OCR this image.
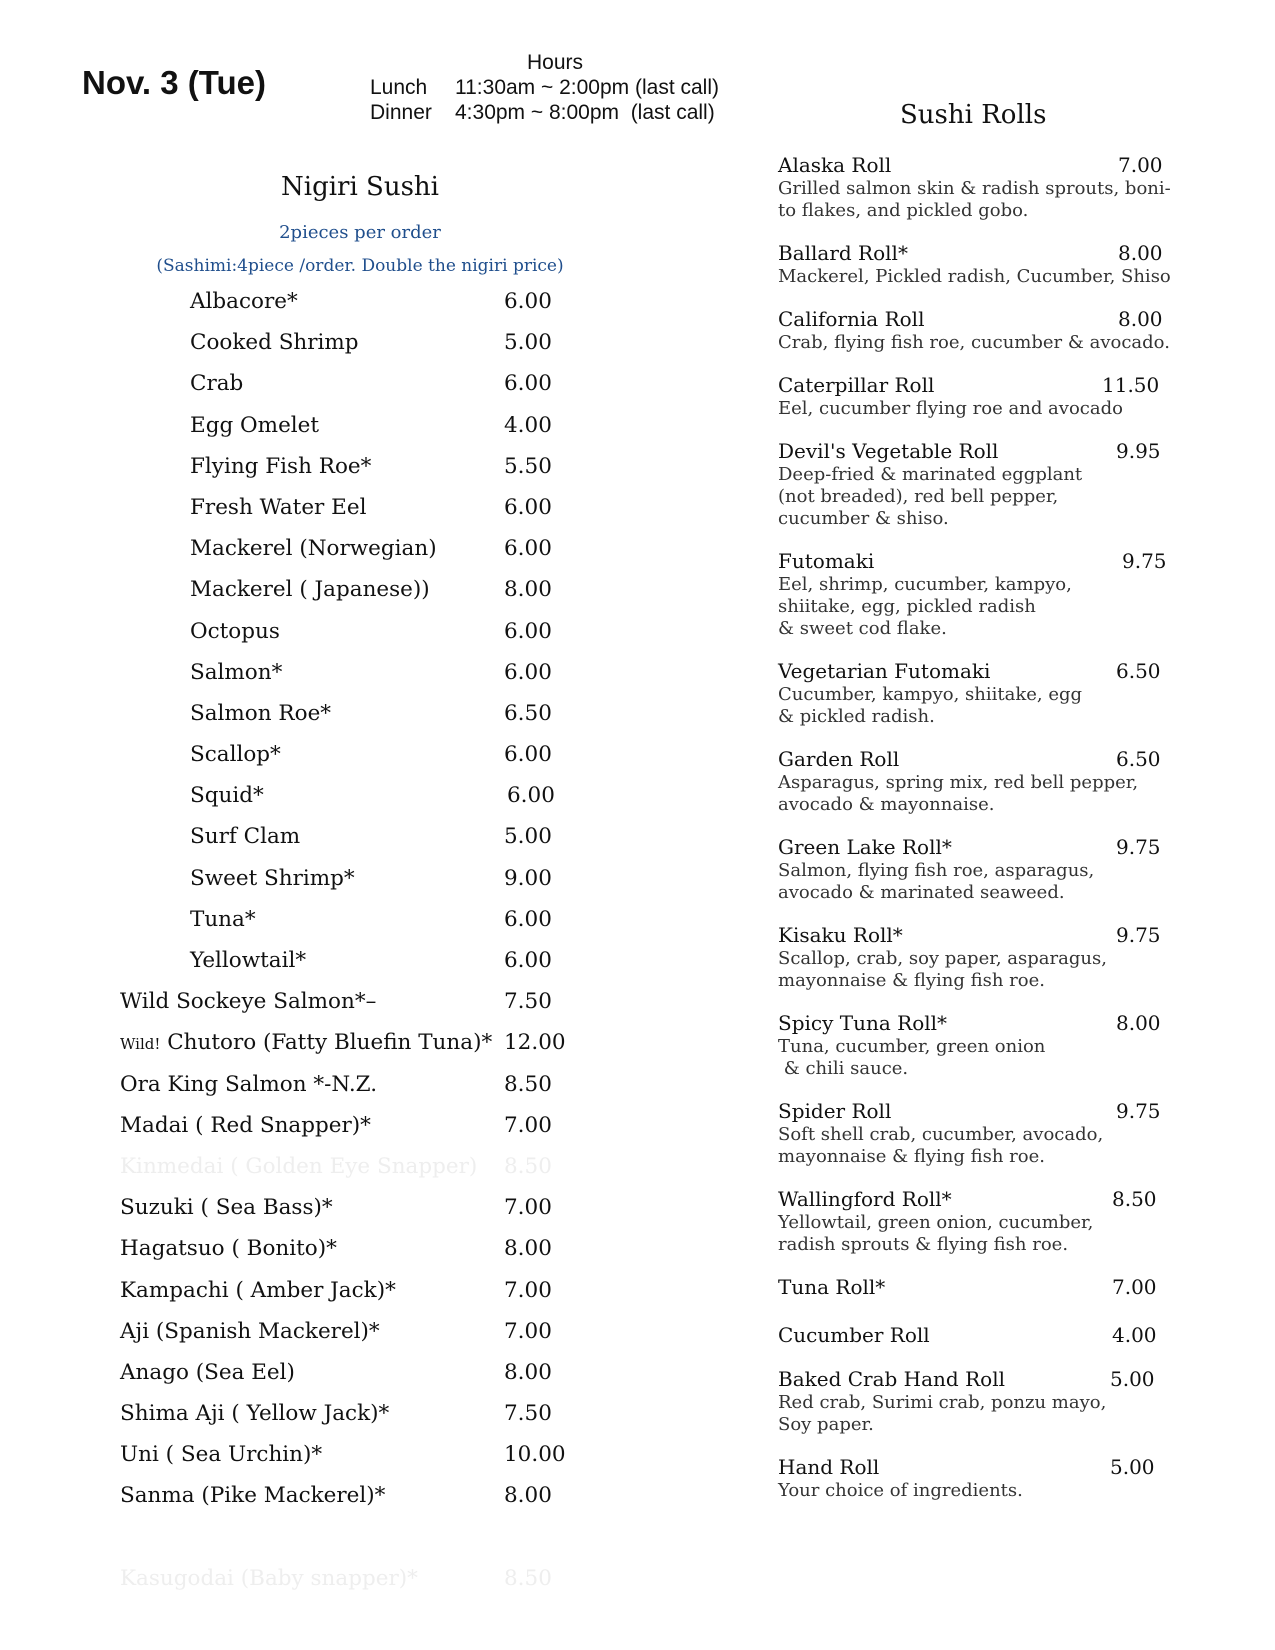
Nov. 3 (Tue)
Hours
Lunch	11:30am ~ 2:00pm (last call)
Dinner	4:30pm ~ 8:00pm  (last call)
Nigiri Sushi
2pieces per order
(Sashimi:4piece /order. Double the nigiri price)
Albacore*	6.00
Cooked Shrimp	5.00
Crab	6.00
Egg Omelet	4.00
Flying Fish Roe*	5.50
Fresh Water Eel	6.00
Mackerel (Norwegian)	6.00
Mackerel ( Japanese))	8.00
Octopus	6.00
Salmon*	6.00
Salmon Roe*	6.50
Scallop*	6.00
Squid*	6.00
Surf Clam	5.00
Sweet Shrimp*	9.00
Tuna*	6.00
Yellowtail*	6.00
Wild Sockeye Salmon*–	7.50
Wild! Chutoro (Fatty Bluefin Tuna)* 12.00
Ora King Salmon *-N.Z.	8.50
Madai ( Red Snapper)*	7.00
Kinmedai ( Golden Eye Snapper) 8.50
Suzuki ( Sea Bass)*	7.00
Hagatsuo ( Bonito)*	8.00
Kampachi ( Amber Jack)*	7.00
Aji (Spanish Mackerel)*	7.00
Anago (Sea Eel)	8.00
Shima Aji ( Yellow Jack)*	7.50
Uni ( Sea Urchin)*	10.00
Sanma (Pike Mackerel)*	8.00
Kasugodai (Baby snapper)*	8.50
Sushi Rolls
Alaska Roll	7.00
Grilled salmon skin & radish sprouts, boni-
to flakes, and pickled gobo.
Ballard Roll*	8.00
Mackerel, Pickled radish, Cucumber, Shiso
California Roll	8.00
Crab, flying fish roe, cucumber & avocado.
Caterpillar Roll	11.50
Eel, cucumber flying roe and avocado
Devil's Vegetable Roll	9.95
Deep-fried & marinated eggplant
(not breaded), red bell pepper,
cucumber & shiso.
Futomaki	9.75
Eel, shrimp, cucumber, kampyo,
shiitake, egg, pickled radish
& sweet cod flake.
Vegetarian Futomaki	6.50
Cucumber, kampyo, shiitake, egg
& pickled radish.
Garden Roll	6.50
Asparagus, spring mix, red bell pepper,
avocado & mayonnaise.
Green Lake Roll*	9.75
Salmon, flying fish roe, asparagus,
avocado & marinated seaweed.
Kisaku Roll*	9.75
Scallop, crab, soy paper, asparagus,
mayonnaise & flying fish roe.
Spicy Tuna Roll*	8.00
Tuna, cucumber, green onion
& chili sauce.
Spider Roll	9.75
Soft shell crab, cucumber, avocado,
mayonnaise & flying fish roe.
Wallingford Roll*	8.50
Yellowtail, green onion, cucumber,
radish sprouts & flying fish roe.
Tuna Roll*	7.00
Cucumber Roll	4.00
Baked Crab Hand Roll	5.00
Red crab, Surimi crab, ponzu mayo,
Soy paper.
Hand Roll	5.00
Your choice of ingredients.
